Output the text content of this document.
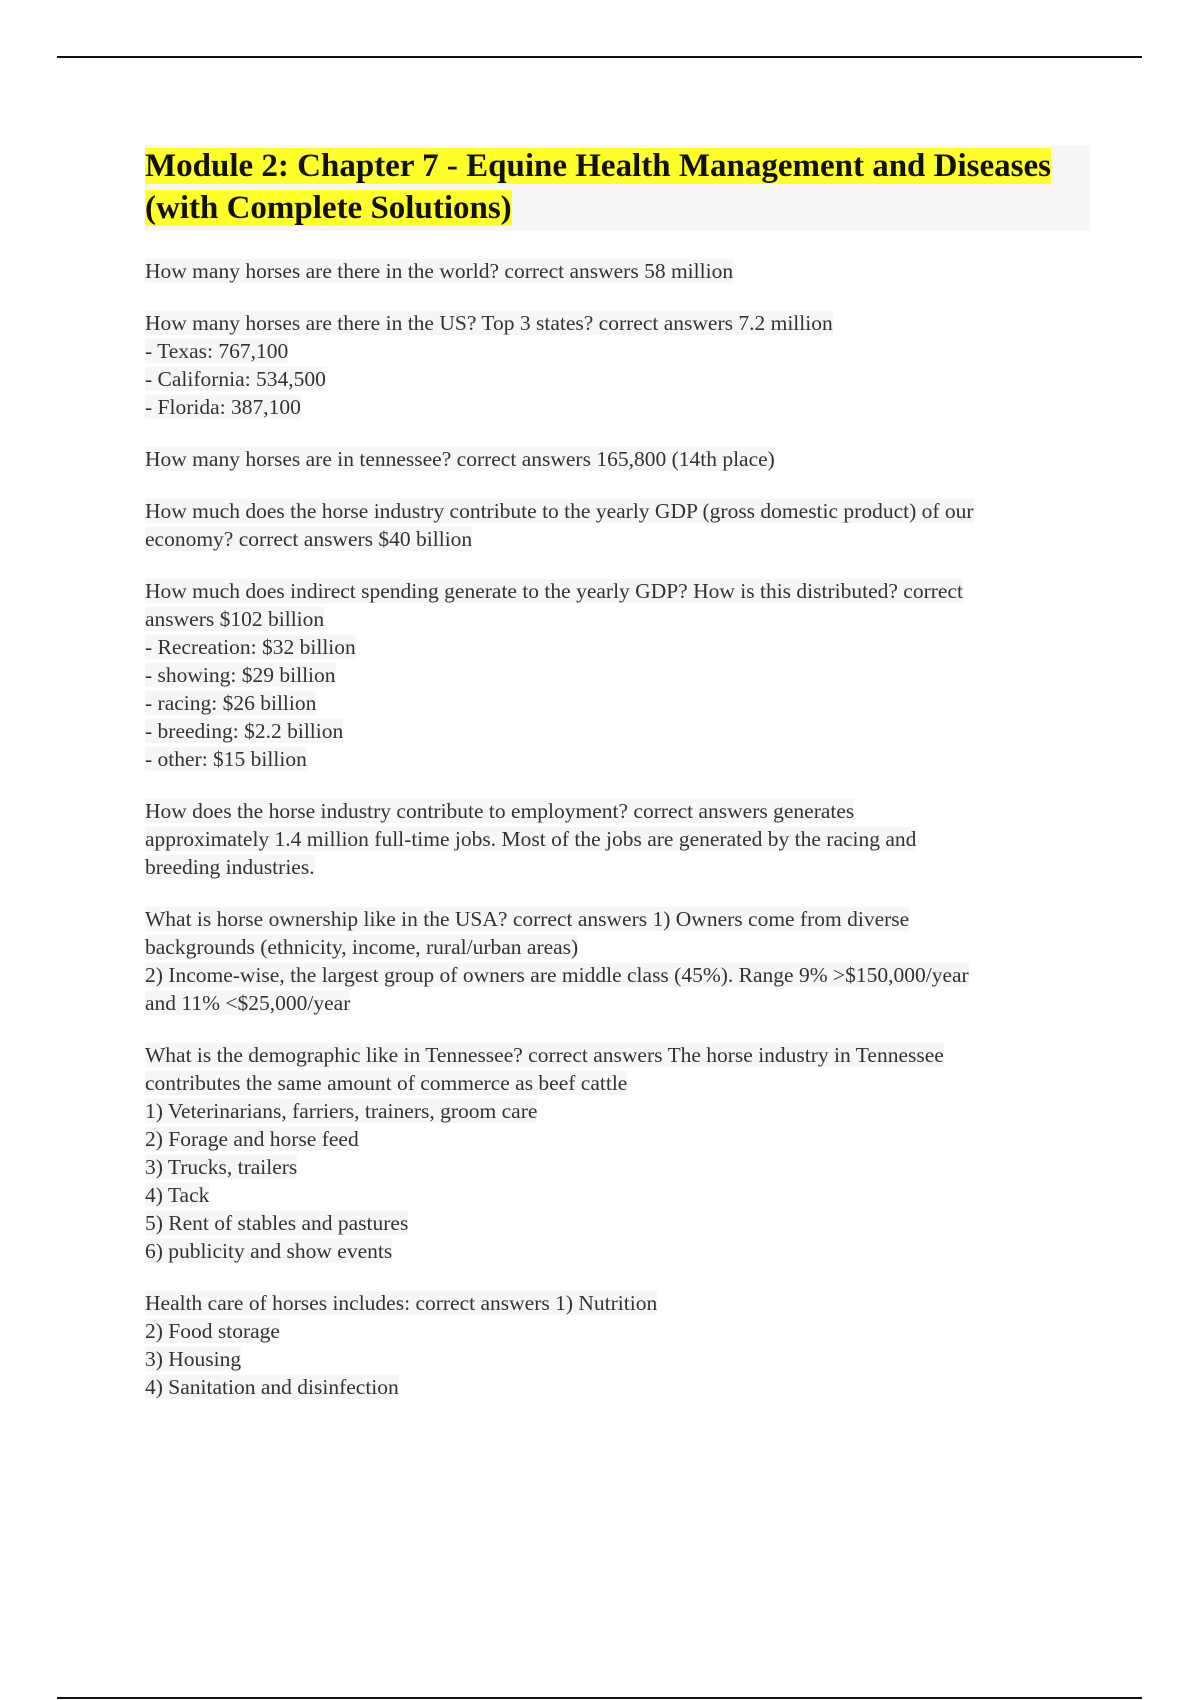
Module 2: Chapter 7 - Equine Health Management and Diseases (with Complete Solutions)

How many horses are there in the world? correct answers 58 million

How many horses are there in the US? Top 3 states? correct answers 7.2 million
- Texas: 767,100
- California: 534,500
- Florida: 387,100

How many horses are in tennessee? correct answers 165,800 (14th place)

How much does the horse industry contribute to the yearly GDP (gross domestic product) of our
economy? correct answers $40 billion

How much does indirect spending generate to the yearly GDP? How is this distributed? correct
answers $102 billion
- Recreation: $32 billion
- showing: $29 billion
- racing: $26 billion
- breeding: $2.2 billion
- other: $15 billion

How does the horse industry contribute to employment? correct answers generates
approximately 1.4 million full-time jobs. Most of the jobs are generated by the racing and
breeding industries.

What is horse ownership like in the USA? correct answers 1) Owners come from diverse
backgrounds (ethnicity, income, rural/urban areas)
2) Income-wise, the largest group of owners are middle class (45%). Range 9% >$150,000/year
and 11% <$25,000/year

What is the demographic like in Tennessee? correct answers The horse industry in Tennessee
contributes the same amount of commerce as beef cattle
1) Veterinarians, farriers, trainers, groom care
2) Forage and horse feed
3) Trucks, trailers
4) Tack
5) Rent of stables and pastures
6) publicity and show events

Health care of horses includes: correct answers 1) Nutrition
2) Food storage
3) Housing
4) Sanitation and disinfection
